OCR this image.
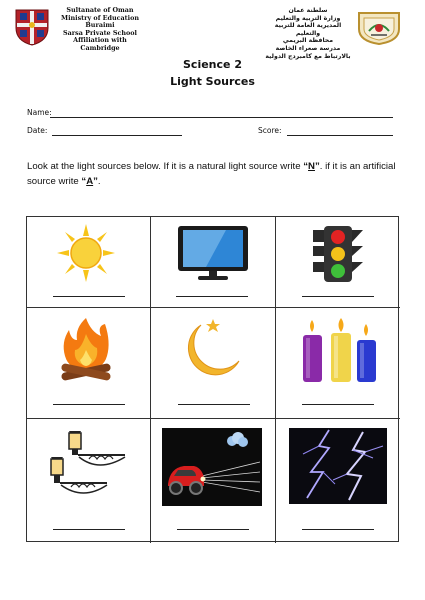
Sultanate of Oman
Ministry of Education
Buraimi
Sarsa Private School
Affiliation with Cambridge
سلطنة عمان
وزارة التربية والتعليم
المديرية العامة للتربية والتعليم
محافظة البريمي
مدرسة صعراء الخاصة
بالارتباط مع كامبردج الدولية
Science 2
Light Sources
Name:
Date:	Score:
Look at the light sources below. If it is a natural light source write “N”. if it is an artificial source write “A”.
